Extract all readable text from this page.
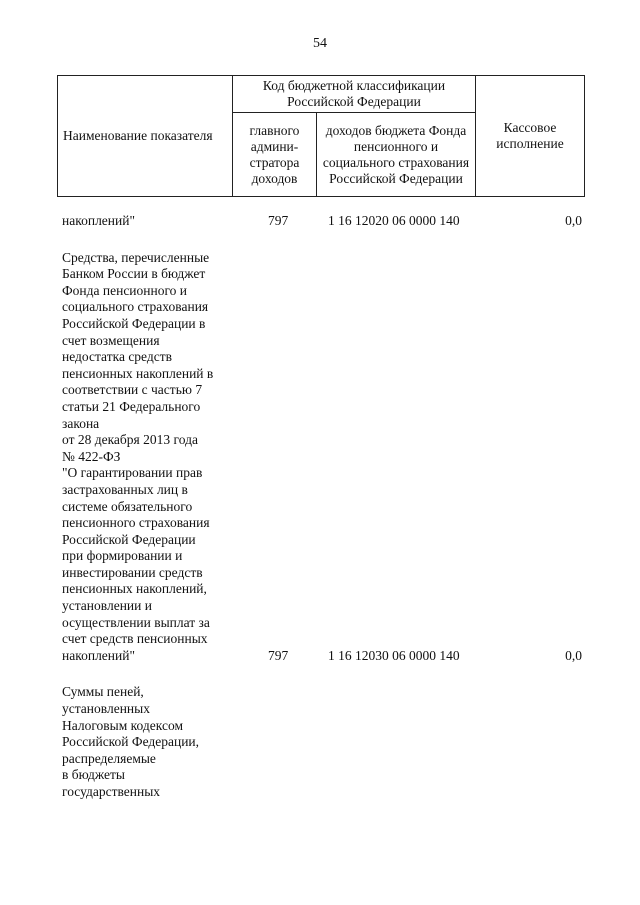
54
Наименование показателя	Код бюджетной классификации Российской Федерации		Кассовое исполнение
	главного админи-стратора доходов	доходов бюджета Фонда пенсионного и социального страхования Российской Федерации	
накоплений"	797	1 16 12020 06 0000 140	0,0
Средства, перечисленные
Банком России в бюджет
Фонда пенсионного и
социального страхования
Российской Федерации в
счет возмещения
недостатка средств
пенсионных накоплений в
соответствии с частью 7
статьи 21 Федерального
закона
от 28 декабря 2013 года
№ 422-ФЗ
"О гарантировании прав
застрахованных лиц в
системе обязательного
пенсионного страхования
Российской Федерации
при формировании и
инвестировании средств
пенсионных накоплений,
установлении и
осуществлении выплат за
счет средств пенсионных
накоплений"	797	1 16 12030 06 0000 140	0,0
Суммы пеней,
установленных
Налоговым кодексом
Российской Федерации,
распределяемые
в бюджеты
государственных
